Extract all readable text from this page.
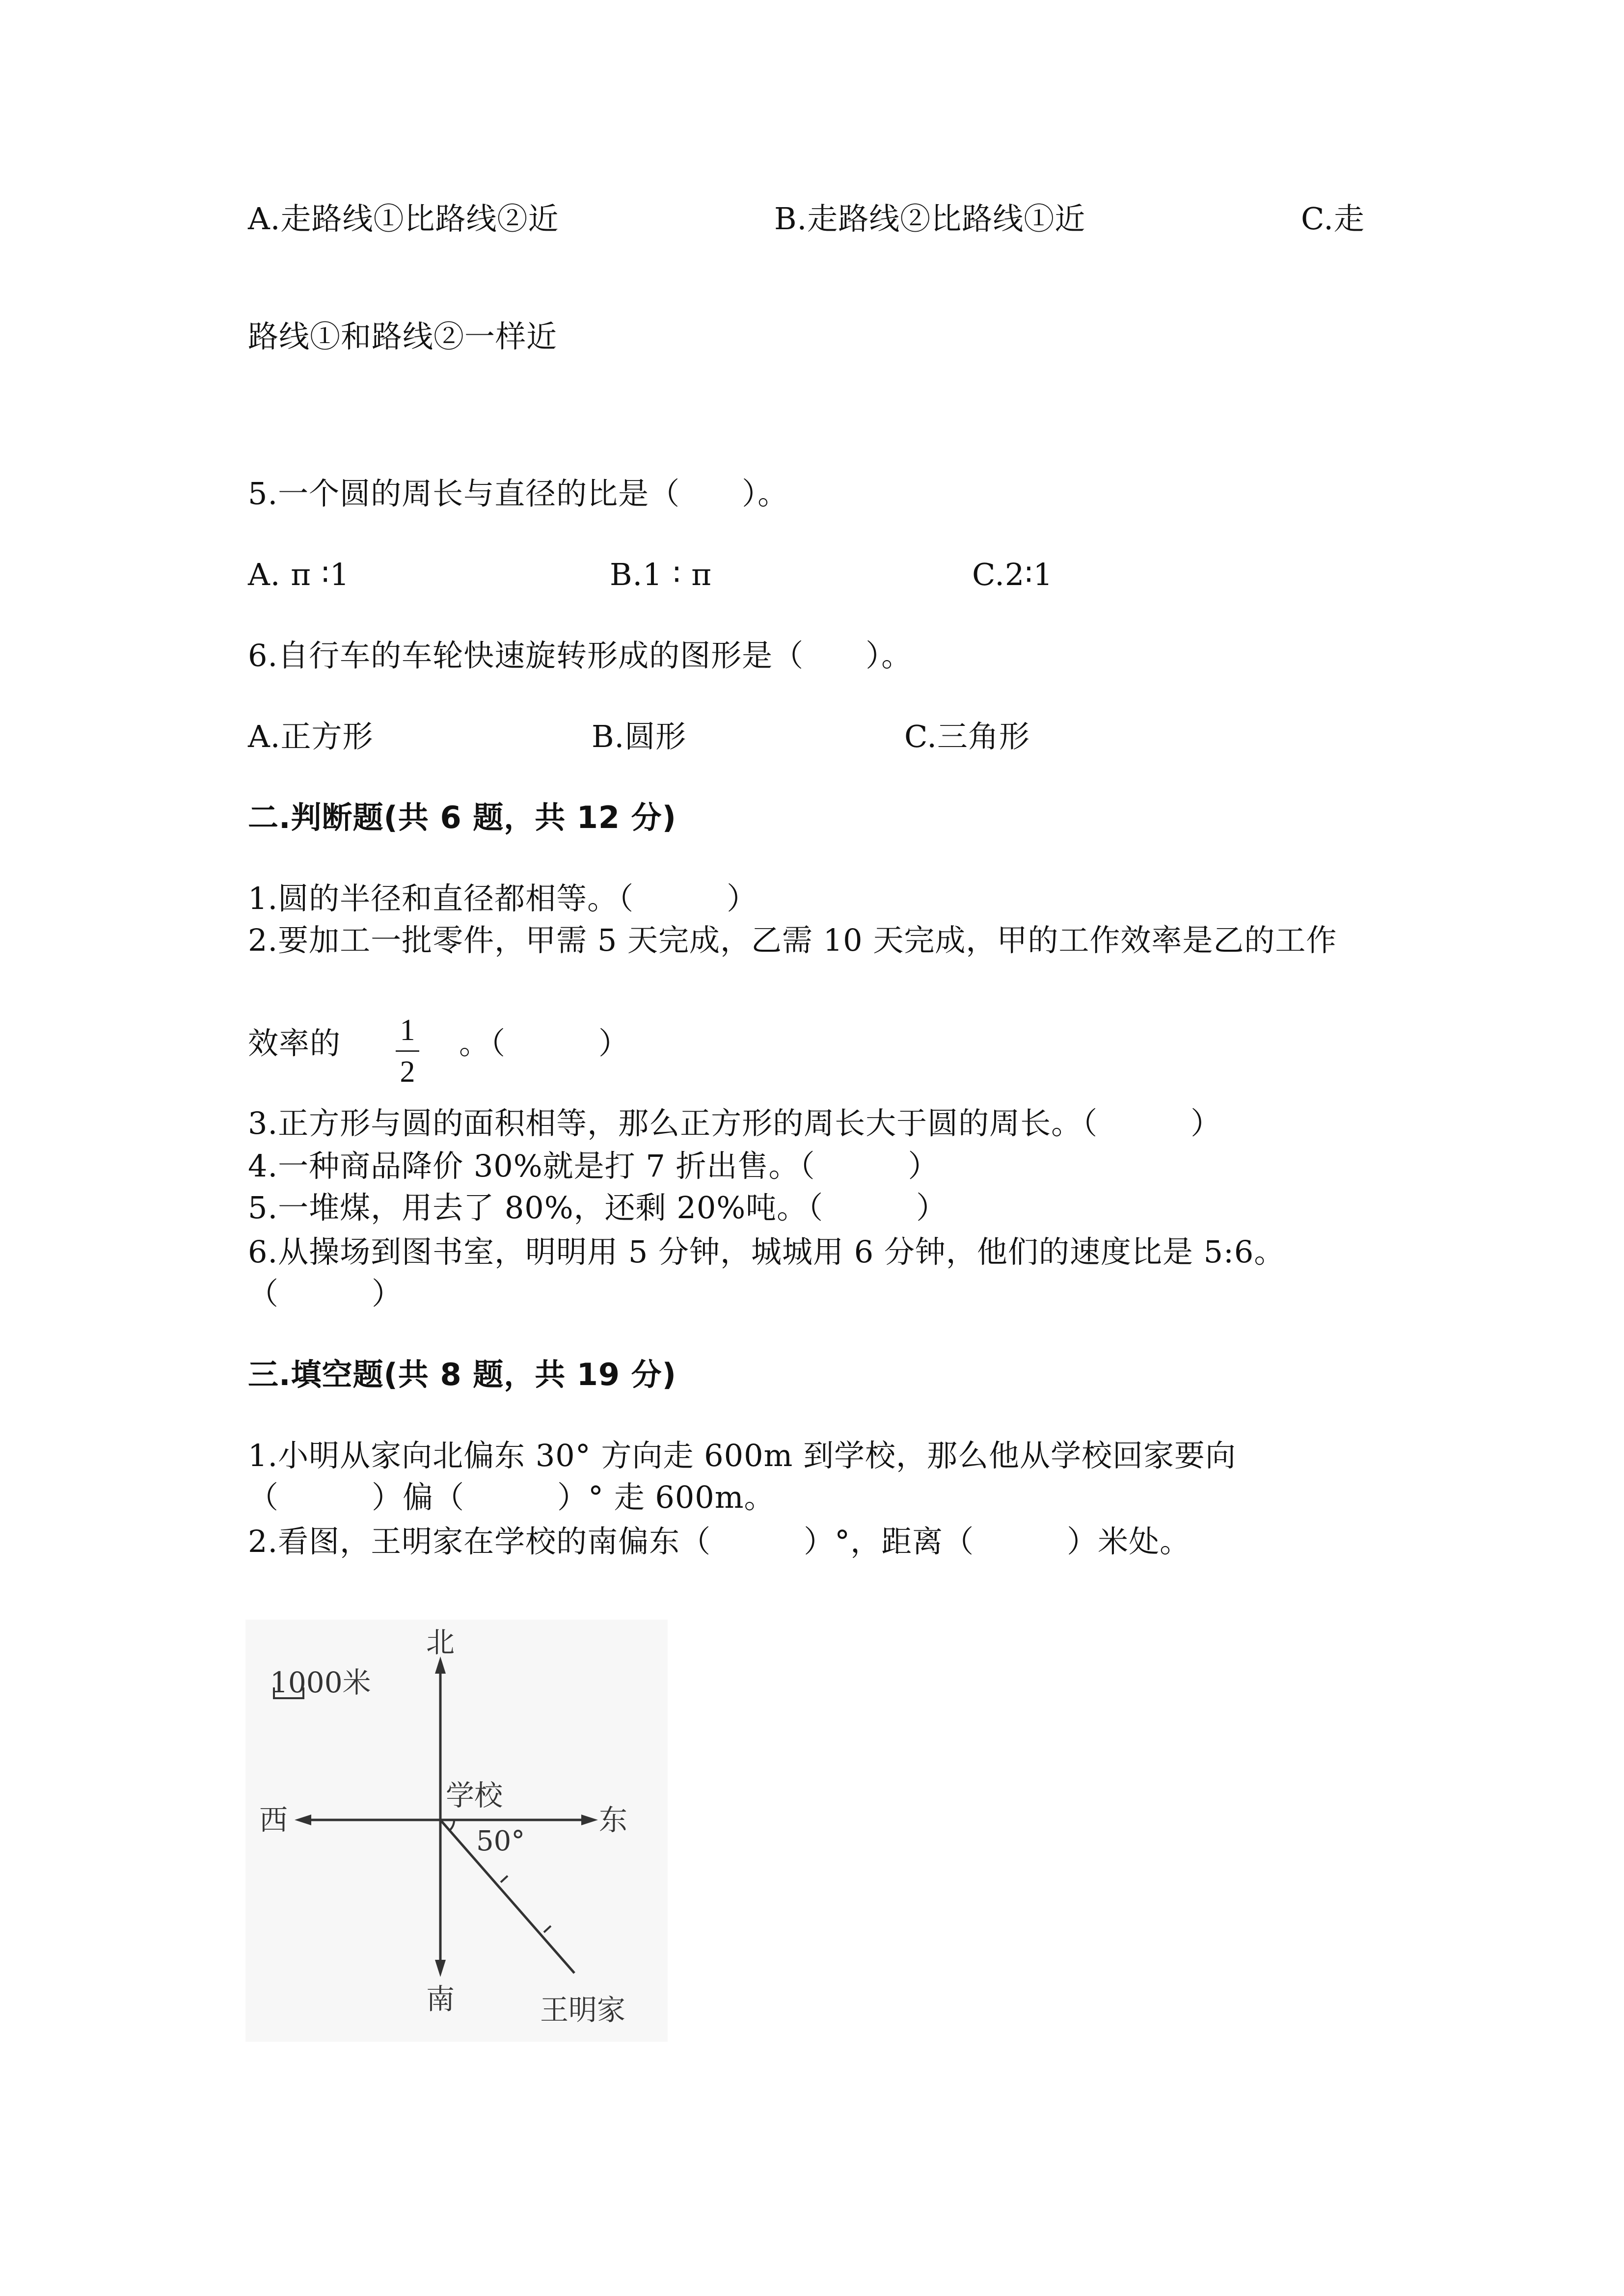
A.走路线①比路线②近	B.走路线②比路线①近	C.走
路线①和路线②一样近
5.一个圆的周长与直径的比是（　　）。
A. π ∶1	B.1 ∶ π	C.2∶1
6.自行车的车轮快速旋转形成的图形是（　　）。
A.正方形	B.圆形	C.三角形
二.判断题(共 6 题，共 12 分)
1.圆的半径和直径都相等。（　　　）
2.要加工一批零件，甲需 5 天完成，乙需 10 天完成，甲的工作效率是乙的工作
效率的 1
2
。（　　　）
3.正方形与圆的面积相等，那么正方形的周长大于圆的周长。（　　　）
4.一种商品降价 30%就是打 7 折出售。（　　　）
5.一堆煤，用去了 80%，还剩 20%吨。（　　　）
6.从操场到图书室，明明用 5 分钟，城城用 6 分钟，他们的速度比是 5:6。
（　　　）
三.填空题(共 8 题，共 19 分)
1.小明从家向北偏东 30° 方向走 600m 到学校，那么他从学校回家要向
（　　　）偏（　　　）° 走 600m。
2.看图，王明家在学校的南偏东（　　　）°，距离（　　　）米处。
1000米
北
南
西	东
学校
50°
王明家
